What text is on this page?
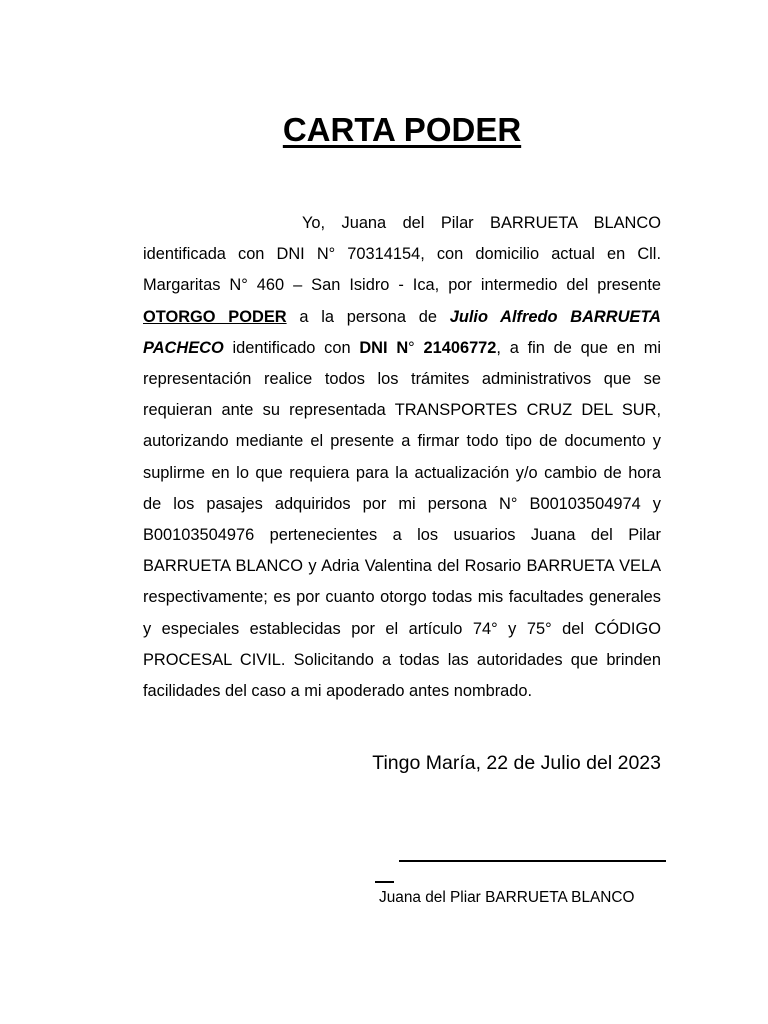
CARTA PODER

Yo, Juana del Pilar BARRUETA BLANCO identificada con DNI N° 70314154, con domicilio actual en Cll. Margaritas N° 460 – San Isidro - Ica, por intermedio del presente OTORGO PODER a la persona de Julio Alfredo BARRUETA PACHECO identificado con DNI N° 21406772, a fin de que en mi representación realice todos los trámites administrativos que se requieran ante su representada TRANSPORTES CRUZ DEL SUR, autorizando mediante el presente a firmar todo tipo de documento y suplirme en lo que requiera para la actualización y/o cambio de hora de los pasajes adquiridos por mi persona N° B00103504974 y B00103504976 pertenecientes a los usuarios Juana del Pilar BARRUETA BLANCO y Adria Valentina del Rosario BARRUETA VELA respectivamente; es por cuanto otorgo todas mis facultades generales y especiales establecidas por el artículo 74° y 75° del CÓDIGO PROCESAL CIVIL. Solicitando a todas las autoridades que brinden facilidades del caso a mi apoderado antes nombrado.

Tingo María, 22 de Julio del 2023

Juana del Pliar BARRUETA BLANCO
